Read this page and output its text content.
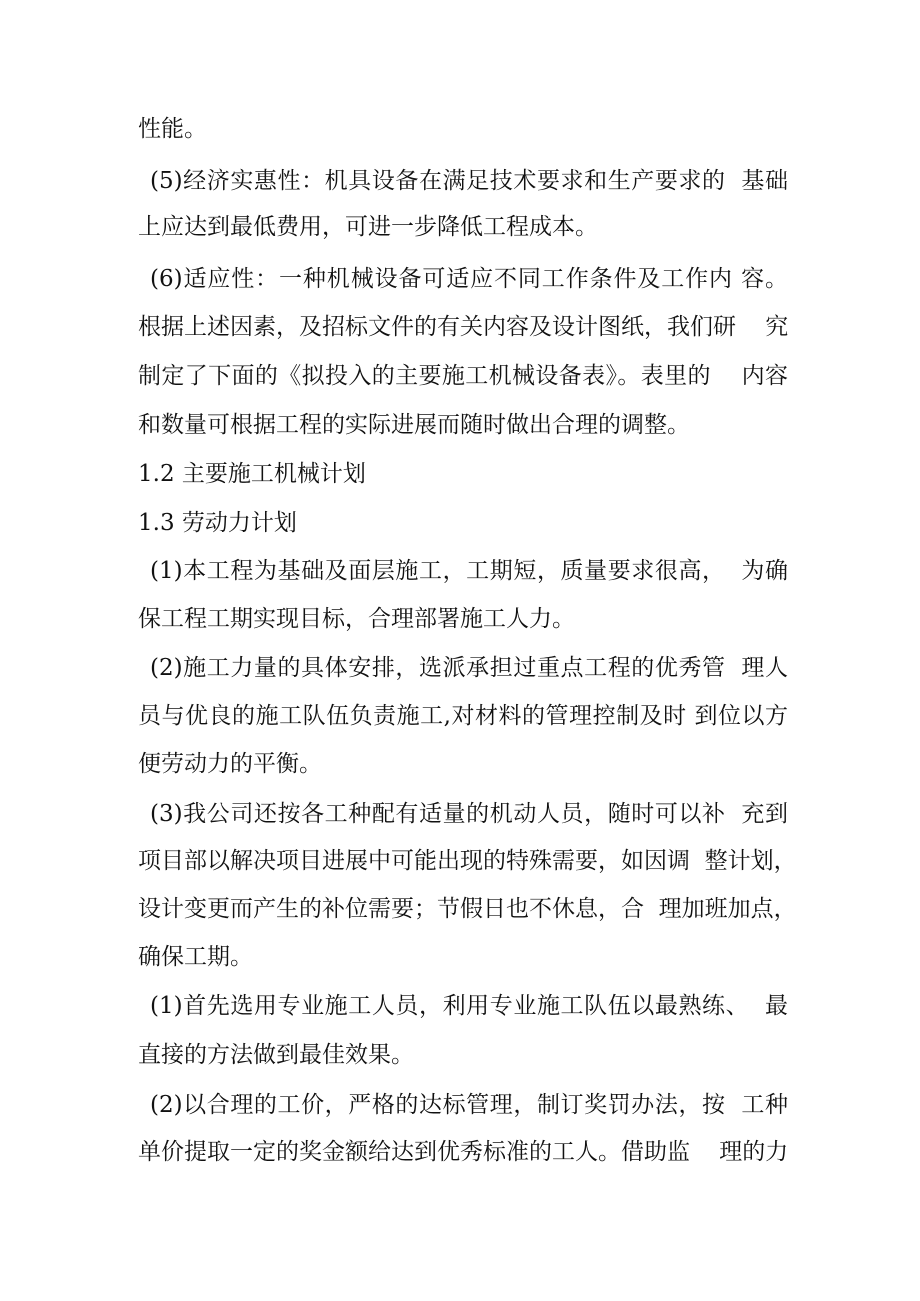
性能。
(5)经济实惠性：机具设备在满足技术要求和生产要求的  基础
上应达到最低费用，可进一步降低工程成本。
(6)适应性：一种机械设备可适应不同工作条件及工作内 容。
根据上述因素，及招标文件的有关内容及设计图纸，我们研    究
制定了下面的《拟投入的主要施工机械设备表》。表里的    内容
和数量可根据工程的实际进展而随时做出合理的调整。
1.2 主要施工机械计划
1.3 劳动力计划
(1)本工程为基础及面层施工，工期短，质量要求很高，  为确
保工程工期实现目标，合理部署施工人力。
(2)施工力量的具体安排，选派承担过重点工程的优秀管  理人
员与优良的施工队伍负责施工,对材料的管理控制及时 到位以方
便劳动力的平衡。
(3)我公司还按各工种配有适量的机动人员，随时可以补  充到
项目部以解决项目进展中可能出现的特殊需要，如因调  整计划，
设计变更而产生的补位需要；节假日也不休息，合  理加班加点，
确保工期。
(1)首先选用专业施工人员，利用专业施工队伍以最熟练、  最
直接的方法做到最佳效果。
(2)以合理的工价，严格的达标管理，制订奖罚办法，按  工种
单价提取一定的奖金额给达到优秀标准的工人。借助监    理的力
